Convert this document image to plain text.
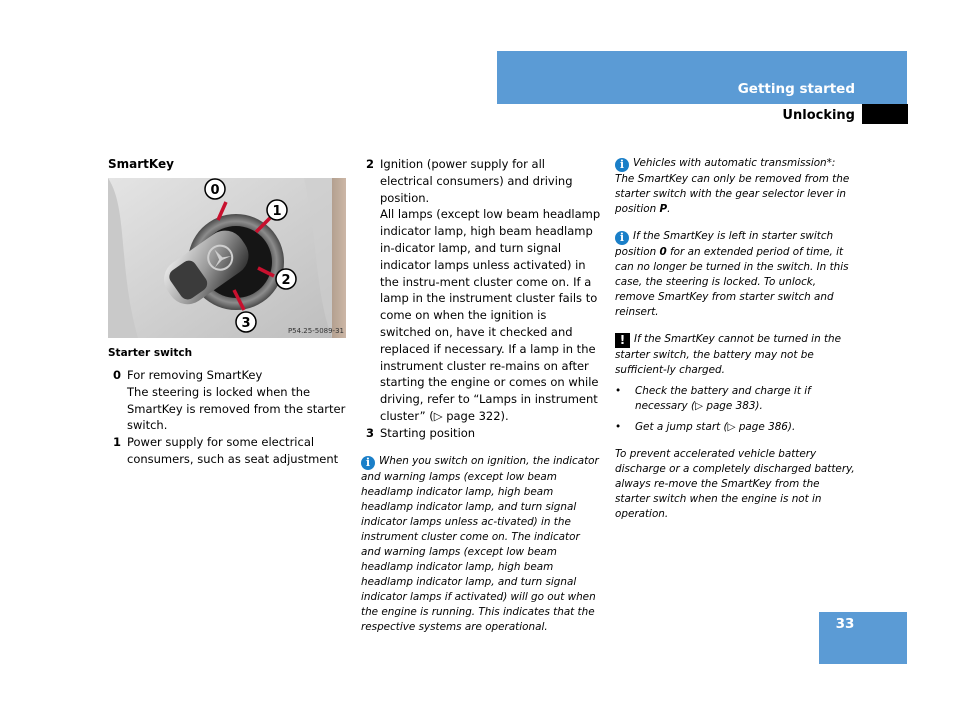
Getting started
Unlocking
SmartKey
0
1
2
3	P54.25-5089-31
Starter switch
0 For removing SmartKey
The steering is locked when the SmartKey is removed from the starter switch.
1 Power supply for some electrical consumers, such as seat adjustment
2 Ignition (power supply for all electrical consumers) and driving position.
All lamps (except low beam headlamp indicator lamp, high beam headlamp in-dicator lamp, and turn signal indicator lamps unless activated) in the instru-ment cluster come on. If a lamp in the instrument cluster fails to come on when the ignition is switched on, have it checked and replaced if necessary. If a lamp in the instrument cluster re-mains on after starting the engine or comes on while driving, refer to “Lamps in instrument cluster” (▷ page 322).
3 Starting position
i When you switch on ignition, the indicator and warning lamps (except low beam headlamp indicator lamp, high beam headlamp indicator lamp, and turn signal indicator lamps unless ac-tivated) in the instrument cluster come on. The indicator and warning lamps (except low beam headlamp indicator lamp, high beam headlamp indicator lamp, and turn signal indicator lamps if activated) will go out when the engine is running. This indicates that the respective systems are operational.
i Vehicles with automatic transmission*: The SmartKey can only be removed from the starter switch with the gear selector lever in position P.
i If the SmartKey is left in starter switch position 0 for an extended period of time, it can no longer be turned in the switch. In this case, the steering is locked. To unlock, remove SmartKey from starter switch and reinsert.
! If the SmartKey cannot be turned in the starter switch, the battery may not be sufficient-ly charged.
•	Check the battery and charge it if necessary (▷ page 383).
•	Get a jump start (▷ page 386).
To prevent accelerated vehicle battery discharge or a completely discharged battery, always re-move the SmartKey from the starter switch when the engine is not in operation.
33
